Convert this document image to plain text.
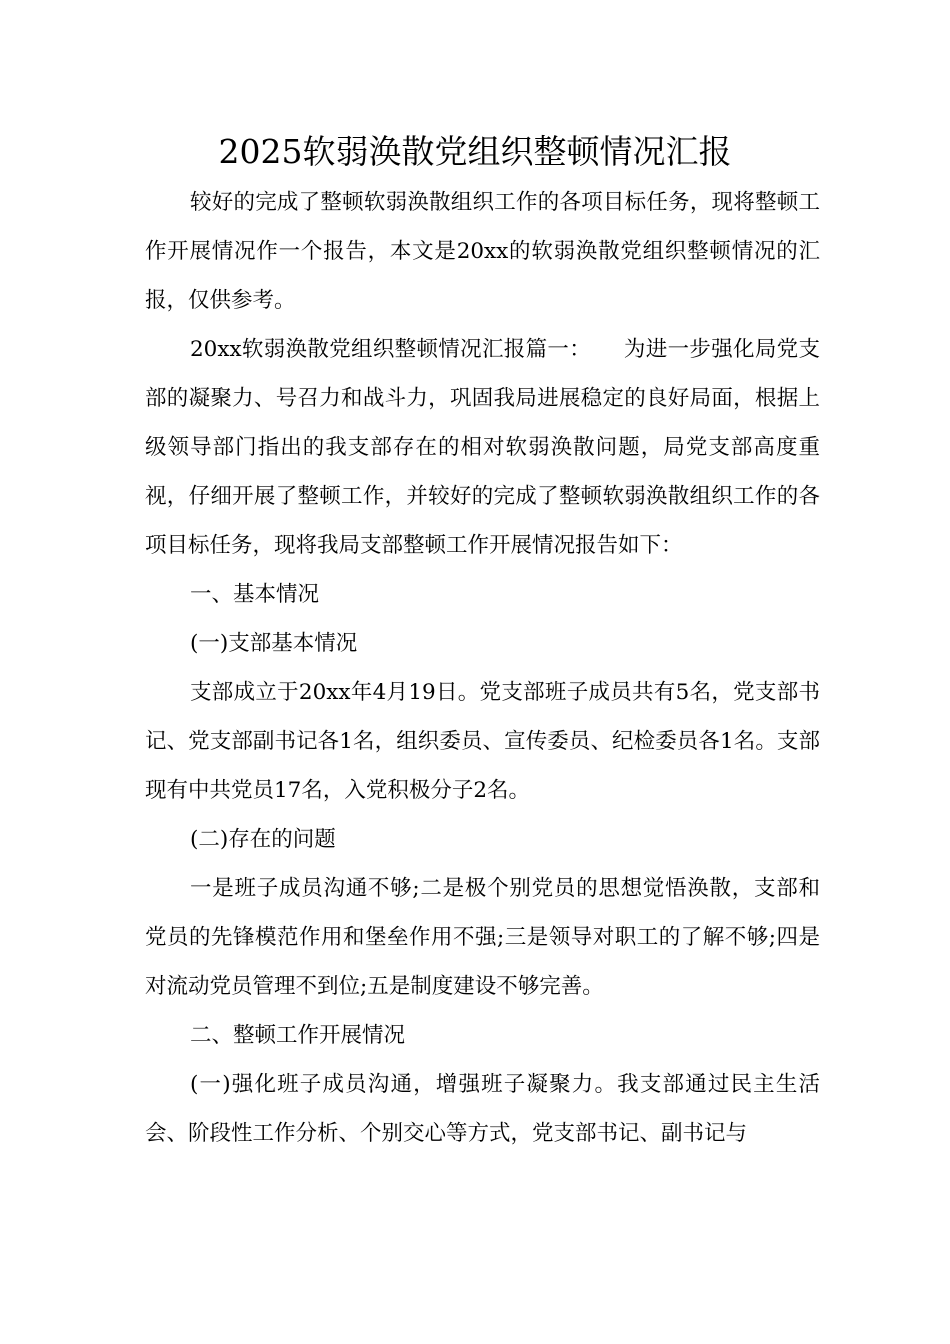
2025软弱涣散党组织整顿情况汇报

较好的完成了整顿软弱涣散组织工作的各项目标任务，现将整顿工作开展情况作一个报告，本文是20xx的软弱涣散党组织整顿情况的汇报，仅供参考。

20xx软弱涣散党组织整顿情况汇报篇一：　　为进一步强化局党支部的凝聚力、号召力和战斗力，巩固我局进展稳定的良好局面，根据上级领导部门指出的我支部存在的相对软弱涣散问题，局党支部高度重视，仔细开展了整顿工作，并较好的完成了整顿软弱涣散组织工作的各项目标任务，现将我局支部整顿工作开展情况报告如下：

一、基本情况

(一)支部基本情况

支部成立于20xx年4月19日。党支部班子成员共有5名，党支部书记、党支部副书记各1名，组织委员、宣传委员、纪检委员各1名。支部现有中共党员17名，入党积极分子2名。

(二)存在的问题

一是班子成员沟通不够;二是极个别党员的思想觉悟涣散，支部和党员的先锋模范作用和堡垒作用不强;三是领导对职工的了解不够;四是对流动党员管理不到位;五是制度建设不够完善。

二、整顿工作开展情况

(一)强化班子成员沟通，增强班子凝聚力。我支部通过民主生活会、阶段性工作分析、个别交心等方式，党支部书记、副书记与
